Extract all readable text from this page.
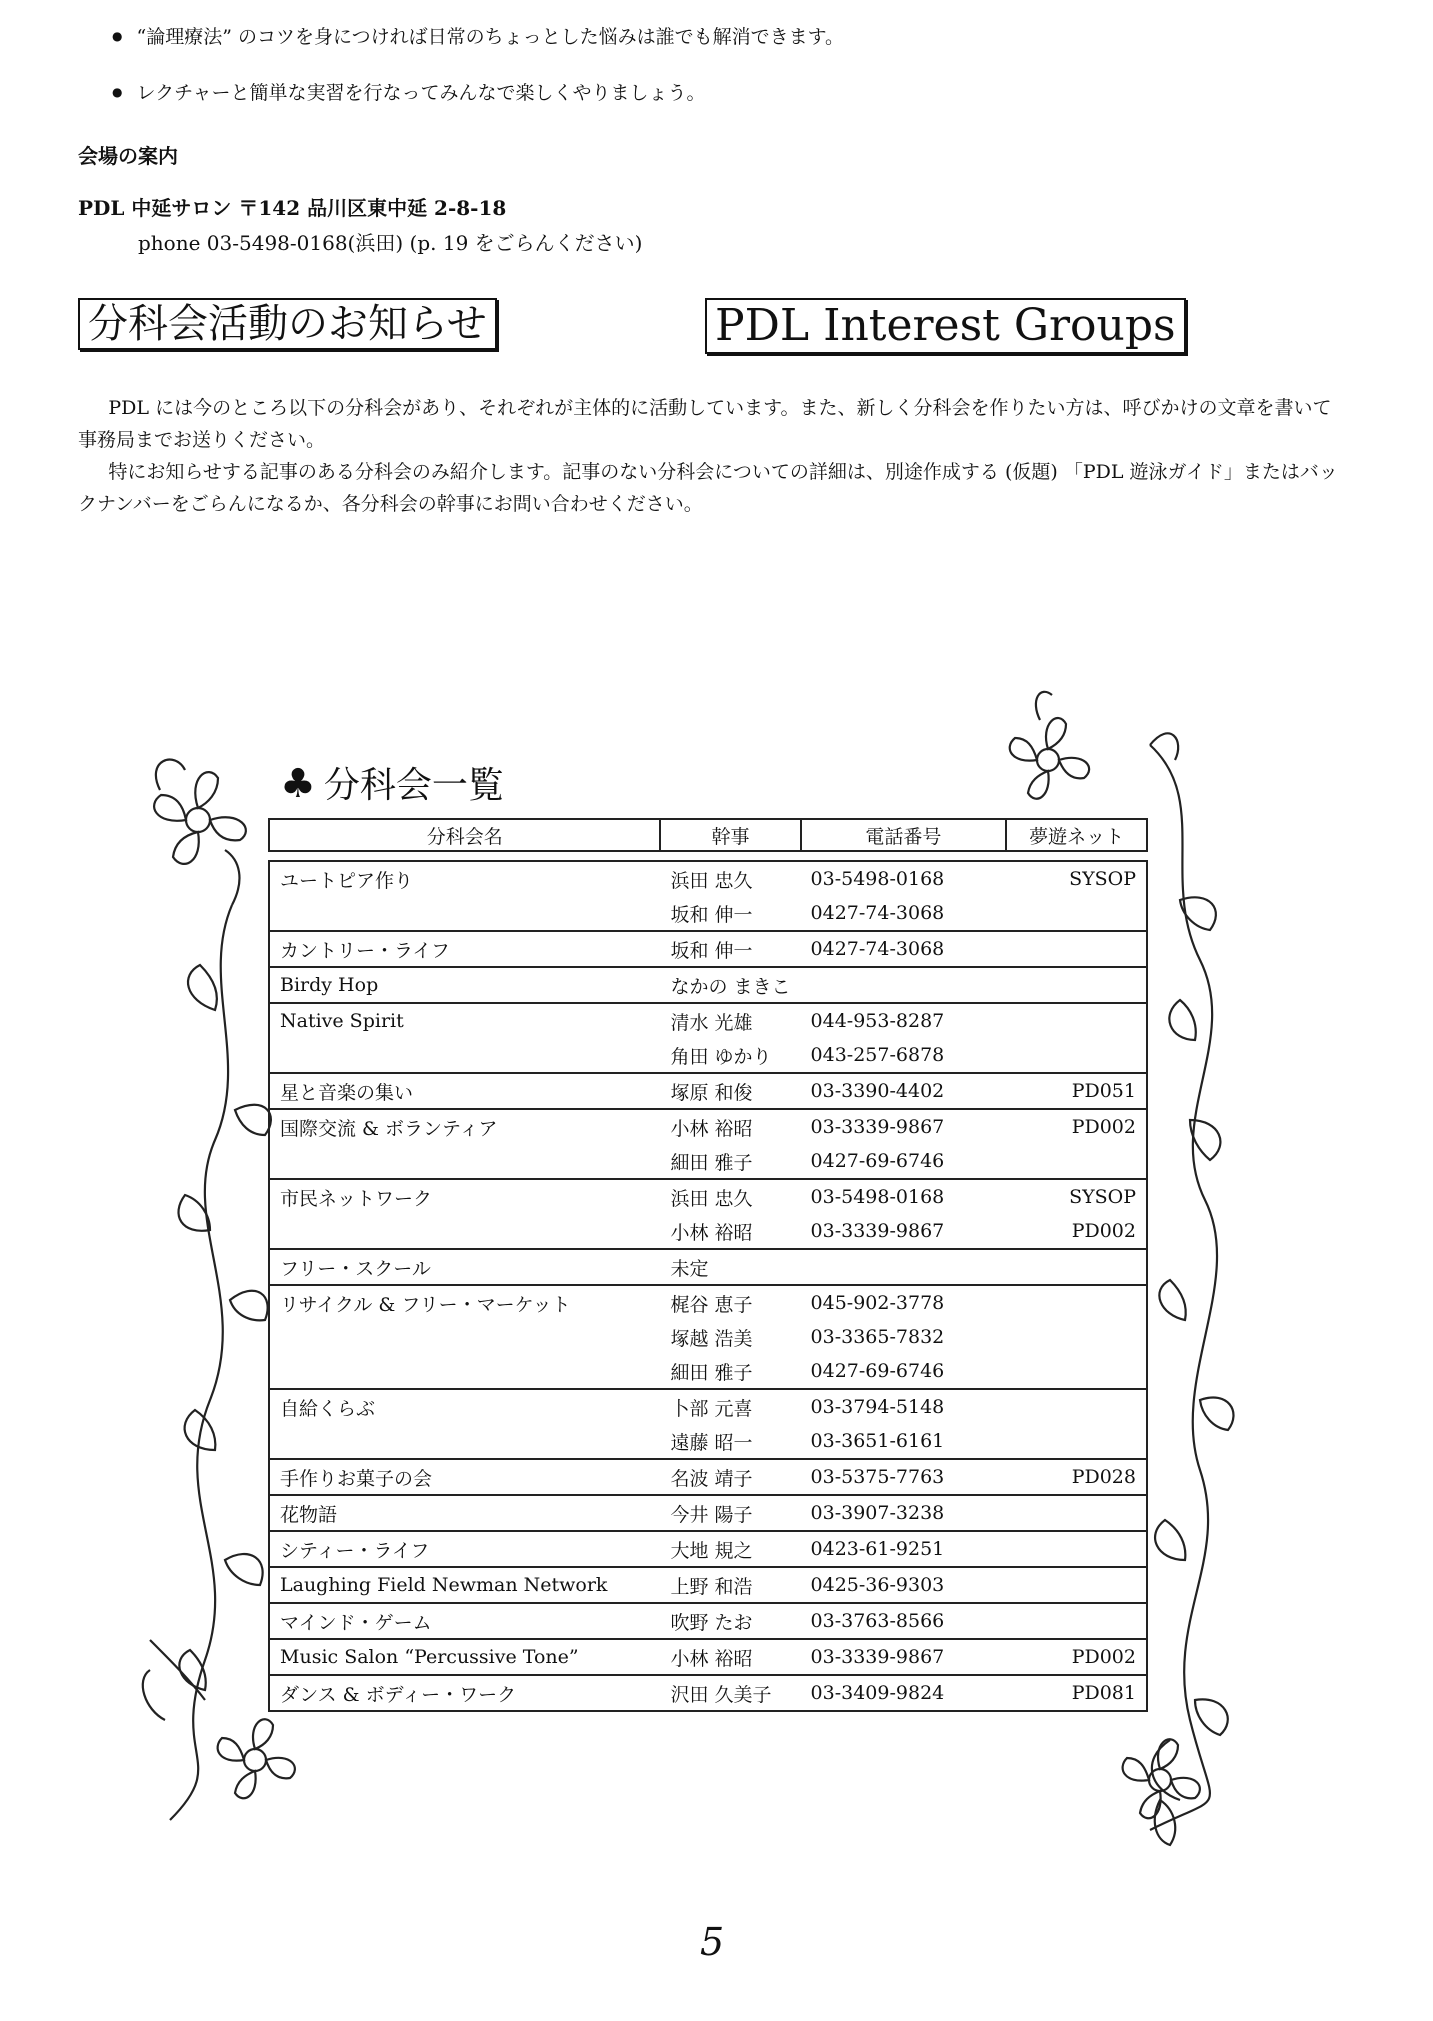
● “論理療法” のコツを身につければ日常のちょっとした悩みは誰でも解消できます。
● レクチャーと簡単な実習を行なってみんなで楽しくやりましょう。
会場の案内
PDL 中延サロン 〒142 品川区東中延 2-8-18
phone 03-5498-0168(浜田) (p. 19 をごらんください)
分科会活動のお知らせ	PDL Interest Groups

PDL には今のところ以下の分科会があり、それぞれが主体的に活動しています。また、新しく分科会を作りたい方は、呼びかけの文章を書いて事務局までお送りください。

特にお知らせする記事のある分科会のみ紹介します。記事のない分科会についての詳細は、別途作成する (仮題) 「PDL 遊泳ガイド」またはバックナンバーをごらんになるか、各分科会の幹事にお問い合わせください。

♣ 分科会一覧
分科会名	幹事	電話番号	夢遊ネット

ユートピア作り	浜田 忠久	03-5498-0168	SYSOP
	坂和 伸一	0427-74-3068	
カントリー・ライフ	坂和 伸一	0427-74-3068	
Birdy Hop	なかの まきこ		
Native Spirit	清水 光雄	044-953-8287	
	角田 ゆかり	043-257-6878	
星と音楽の集い	塚原 和俊	03-3390-4402	PD051
国際交流 & ボランティア	小林 裕昭	03-3339-9867	PD002
	細田 雅子	0427-69-6746	
市民ネットワーク	浜田 忠久	03-5498-0168	SYSOP
	小林 裕昭	03-3339-9867	PD002
フリー・スクール	未定		
リサイクル & フリー・マーケット	梶谷 恵子	045-902-3778	
	塚越 浩美	03-3365-7832	
	細田 雅子	0427-69-6746	
自給くらぶ	卜部 元喜	03-3794-5148	
	遠藤 昭一	03-3651-6161	
手作りお菓子の会	名波 靖子	03-5375-7763	PD028
花物語	今井 陽子	03-3907-3238	
シティー・ライフ	大地 規之	0423-61-9251	
Laughing Field Newman Network	上野 和浩	0425-36-9303	
マインド・ゲーム	吹野 たお	03-3763-8566	
Music Salon “Percussive Tone”	小林 裕昭	03-3339-9867	PD002
ダンス & ボディー・ワーク	沢田 久美子	03-3409-9824	PD081
5
